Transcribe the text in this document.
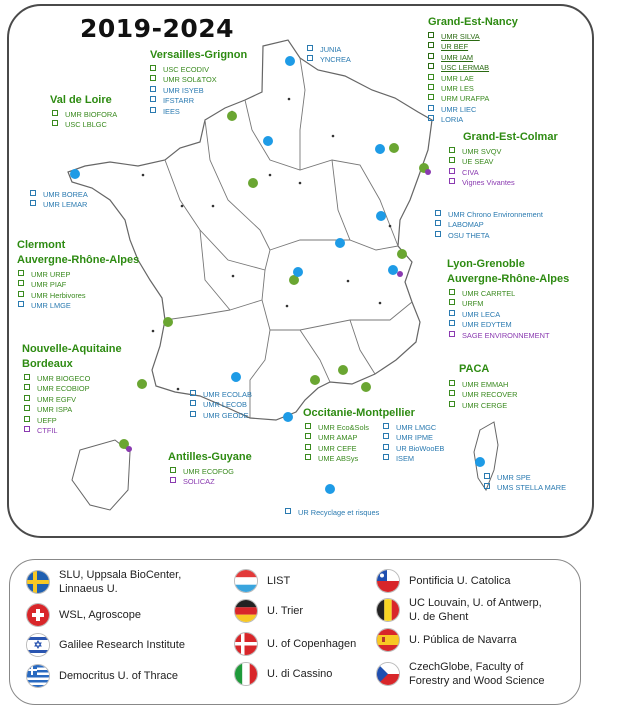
2019-2024
Versailles-Grignon
USC ECODIV
UMR SOL&TOX
UMR ISYEB
IFSTARR
IEES
JUNIA
YNCREA
Grand-Est-Nancy
UMR SILVA
UR BEF
UMR IAM
USC LERMAB
UMR LAE
UMR LES
URM URAFPA
UMR LIEC
LORIA
Val de Loire
UMR BIOFORA
USC LBLGC
Grand-Est-Colmar
UMR SVQV
UE SEAV
CIVA
Vignes Vivantes
UMR BOREA
UMR LEMAR
UMR Chrono Environnement
LABOMAP
OSU THETA
Clermont
Auvergne-Rhône-Alpes
UMR UREP
UMR PIAF
UMR Herbivores
UMR LMGE
Lyon-Grenoble
Auvergne-Rhône-Alpes
UMR CARRTEL
URFM
UMR LECA
UMR EDYTEM
SAGE ENVIRONNEMENT
Nouvelle-Aquitaine
Bordeaux
UMR BIOGECO
UMR ECOBIOP
UMR EGFV
UMR ISPA
UEFP
CTFIL
UMR ECOLAB
UMR LECOB
UMR GEODE
PACA
UMR EMMAH
UMR RECOVER
UMR CERGE
Occitanie-Montpellier
UMR Eco&Sols
UMR AMAP
UMR CEFE
UME ABSys
UMR LMGC
UMR IPME
UR BioWooEB
ISEM
Antilles-Guyane
UMR ECOFOG
SOLICAZ	UMR SPE
UMS STELLA MARE
UR Recyclage et risques
SLU, Uppsala BioCenter,
Linnaeus U.
WSL, Agroscope
Galilee Research Institute
Democritus U. of Thrace
LIST
U. Trier
U. of Copenhagen
U. di Cassino
Pontificia U. Catolica
UC Louvain, U. of Antwerp,
U. de Ghent
U. Pública de Navarra
CzechGlobe, Faculty of
Forestry and Wood Science
